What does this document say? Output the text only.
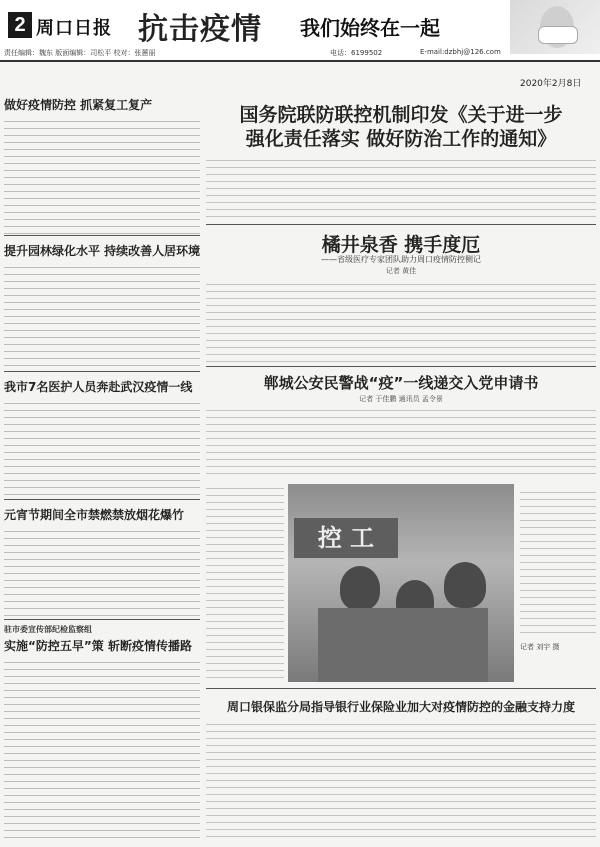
2 周口日报 抗击疫情 我们始终在一起
责任编辑：魏东 版面编辑：司松平 校对：张蕙丽	电话：6199502	E-mail:dzbhj@126.com
2020年2月8日
做好疫情防控 抓紧复工复产
提升园林绿化水平 持续改善人居环境
我市7名医护人员奔赴武汉疫情一线
元宵节期间全市禁燃禁放烟花爆竹
驻市委宣传部纪检监察组
实施“防控五早”策 斩断疫情传播路
国务院联防联控机制印发《关于进一步
强化责任落实 做好防治工作的通知》
橘井泉香 携手度厄
——省级医疗专家团队助力周口疫情防控侧记
记者 黄佳
郸城公安民警战“疫”一线递交入党申请书
记者 于佳鹏 通讯员 孟令景
控 工
记者 刘宇 摄
周口银保监分局指导银行业保险业加大对疫情防控的金融支持力度
